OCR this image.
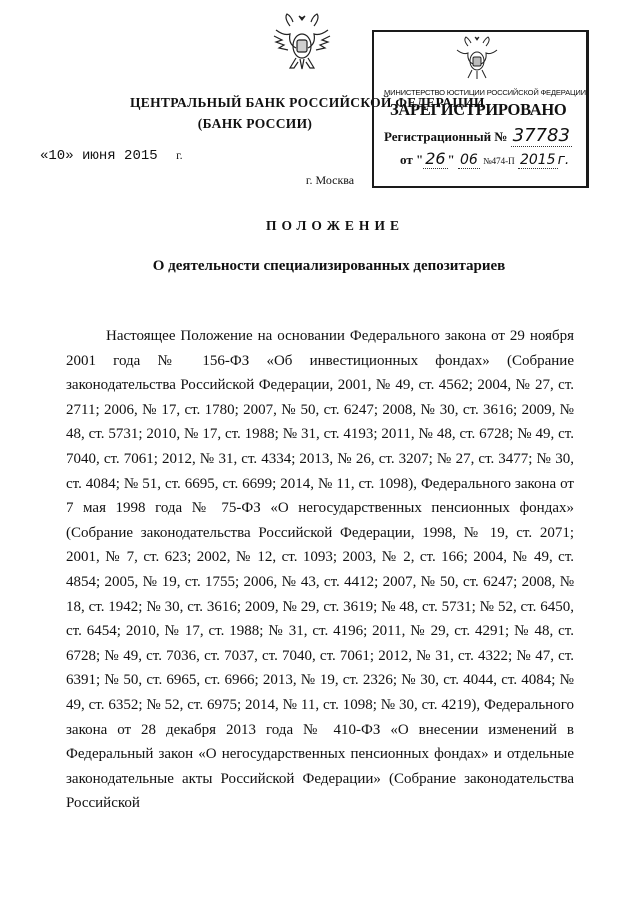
ЦЕНТРАЛЬНЫЙ БАНК РОССИЙСКОЙ ФЕДЕРАЦИИ
(БАНК РОССИИ)
МИНИСТЕРСТВО ЮСТИЦИИ РОССИЙСКОЙ ФЕДЕРАЦИИ
ЗАРЕГИСТРИРОВАНО
Регистрационный № 37783
от " 26 " 06 №474-П 2015 г.
«10» июня 2015 г.
г. Москва
ПОЛОЖЕНИЕ
О деятельности специализированных депозитариев

Настоящее Положение на основании Федерального закона от 29 ноября 2001 года № 156-ФЗ «Об инвестиционных фондах» (Собрание законодательства Российской Федерации, 2001, № 49, ст. 4562; 2004, № 27, ст. 2711; 2006, № 17, ст. 1780; 2007, № 50, ст. 6247; 2008, № 30, ст. 3616; 2009, № 48, ст. 5731; 2010, № 17, ст. 1988; № 31, ст. 4193; 2011, № 48, ст. 6728; № 49, ст. 7040, ст. 7061; 2012, № 31, ст. 4334; 2013, № 26, ст. 3207; № 27, ст. 3477; № 30, ст. 4084; № 51, ст. 6695, ст. 6699; 2014, № 11, ст. 1098), Федерального закона от 7 мая 1998 года № 75-ФЗ «О негосударственных пенсионных фондах» (Собрание законодательства Российской Федерации, 1998, № 19, ст. 2071; 2001, № 7, ст. 623; 2002, № 12, ст. 1093; 2003, № 2, ст. 166; 2004, № 49, ст. 4854; 2005, № 19, ст. 1755; 2006, № 43, ст. 4412; 2007, № 50, ст. 6247; 2008, № 18, ст. 1942; № 30, ст. 3616; 2009, № 29, ст. 3619; № 48, ст. 5731; № 52, ст. 6450, ст. 6454; 2010, № 17, ст. 1988; № 31, ст. 4196; 2011, № 29, ст. 4291; № 48, ст. 6728; № 49, ст. 7036, ст. 7037, ст. 7040, ст. 7061; 2012, № 31, ст. 4322; № 47, ст. 6391; № 50, ст. 6965, ст. 6966; 2013, № 19, ст. 2326; № 30, ст. 4044, ст. 4084; № 49, ст. 6352; № 52, ст. 6975; 2014, № 11, ст. 1098; № 30, ст. 4219), Федерального закона от 28 декабря 2013 года № 410-ФЗ «О внесении изменений в Федеральный закон «О негосударственных пенсионных фондах» и отдельные законодательные акты Российской Федерации» (Собрание законодательства Российской
